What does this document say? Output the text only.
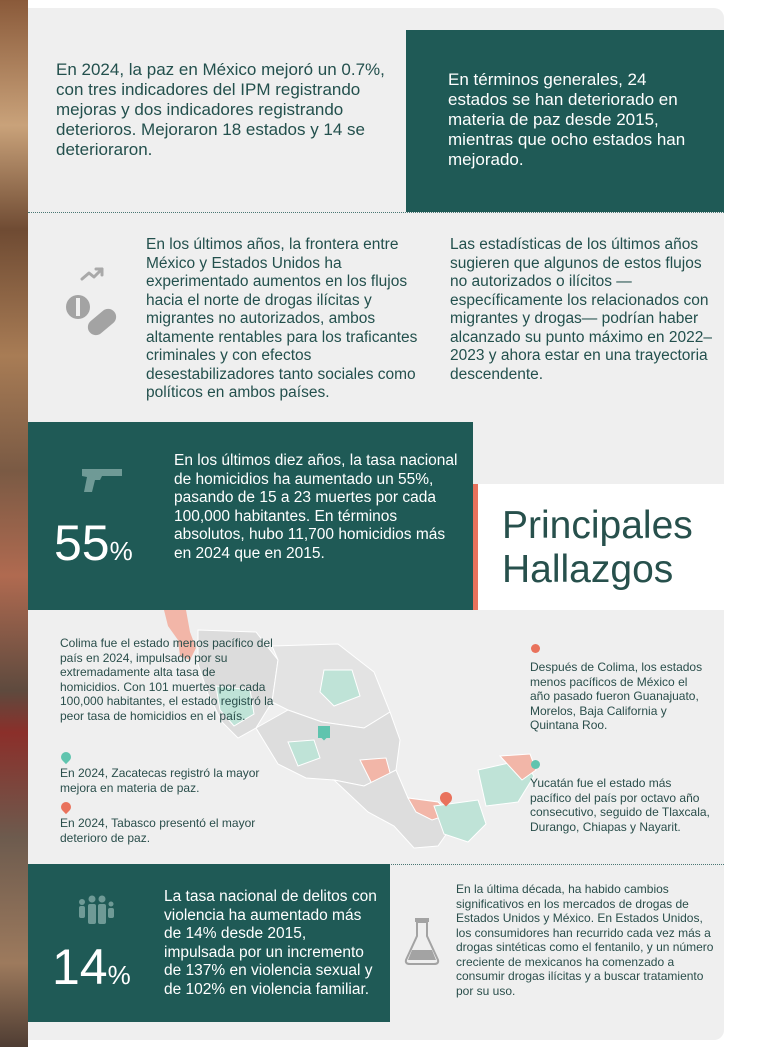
En 2024, la paz en México mejoró un 0.7%, con tres indicadores del IPM registrando mejoras y dos indicadores registrando deterioros. Mejoraron 18 estados y 14 se deterioraron.
En términos generales, 24 estados se han deteriorado en materia de paz desde 2015, mientras que ocho estados han mejorado.
En los últimos años, la frontera entre México y Estados Unidos ha experimentado aumentos en los flujos hacia el norte de drogas ilícitas y migrantes no autorizados, ambos altamente rentables para los traficantes criminales y con efectos desestabilizadores tanto sociales como políticos en ambos países.
Las estadísticas de los últimos años sugieren que algunos de estos flujos no autorizados o ilícitos —específicamente los relacionados con migrantes y drogas— podrían haber alcanzado su punto máximo en 2022–2023 y ahora estar en una trayectoria descendente.
55%
En los últimos diez años, la tasa nacional de homicidios ha aumentado un 55%, pasando de 15 a 23 muertes por cada 100,000 habitantes. En términos absolutos, hubo 11,700 homicidios más en 2024 que en 2015.
Principales
Hallazgos
Colima fue el estado menos pacífico del país en 2024, impulsado por su extremadamente alta tasa de homicidios. Con 101 muertes por cada 100,000 habitantes, el estado registró la peor tasa de homicidios en el país.
En 2024, Zacatecas registró la mayor mejora en materia de paz.
En 2024, Tabasco presentó el mayor deterioro de paz.
Después de Colima, los estados menos pacíficos de México el año pasado fueron Guanajuato, Morelos, Baja California y Quintana Roo.
Yucatán fue el estado más pacífico del país por octavo año consecutivo, seguido de Tlaxcala, Durango, Chiapas y Nayarit.
14%
La tasa nacional de delitos con violencia ha aumentado más de 14% desde 2015, impulsada por un incremento de 137% en violencia sexual y de 102% en violencia familiar.
En la última década, ha habido cambios significativos en los mercados de drogas de Estados Unidos y México. En Estados Unidos, los consumidores han recurrido cada vez más a drogas sintéticas como el fentanilo, y un número creciente de mexicanos ha comenzado a consumir drogas ilícitas y a buscar tratamiento por su uso.
